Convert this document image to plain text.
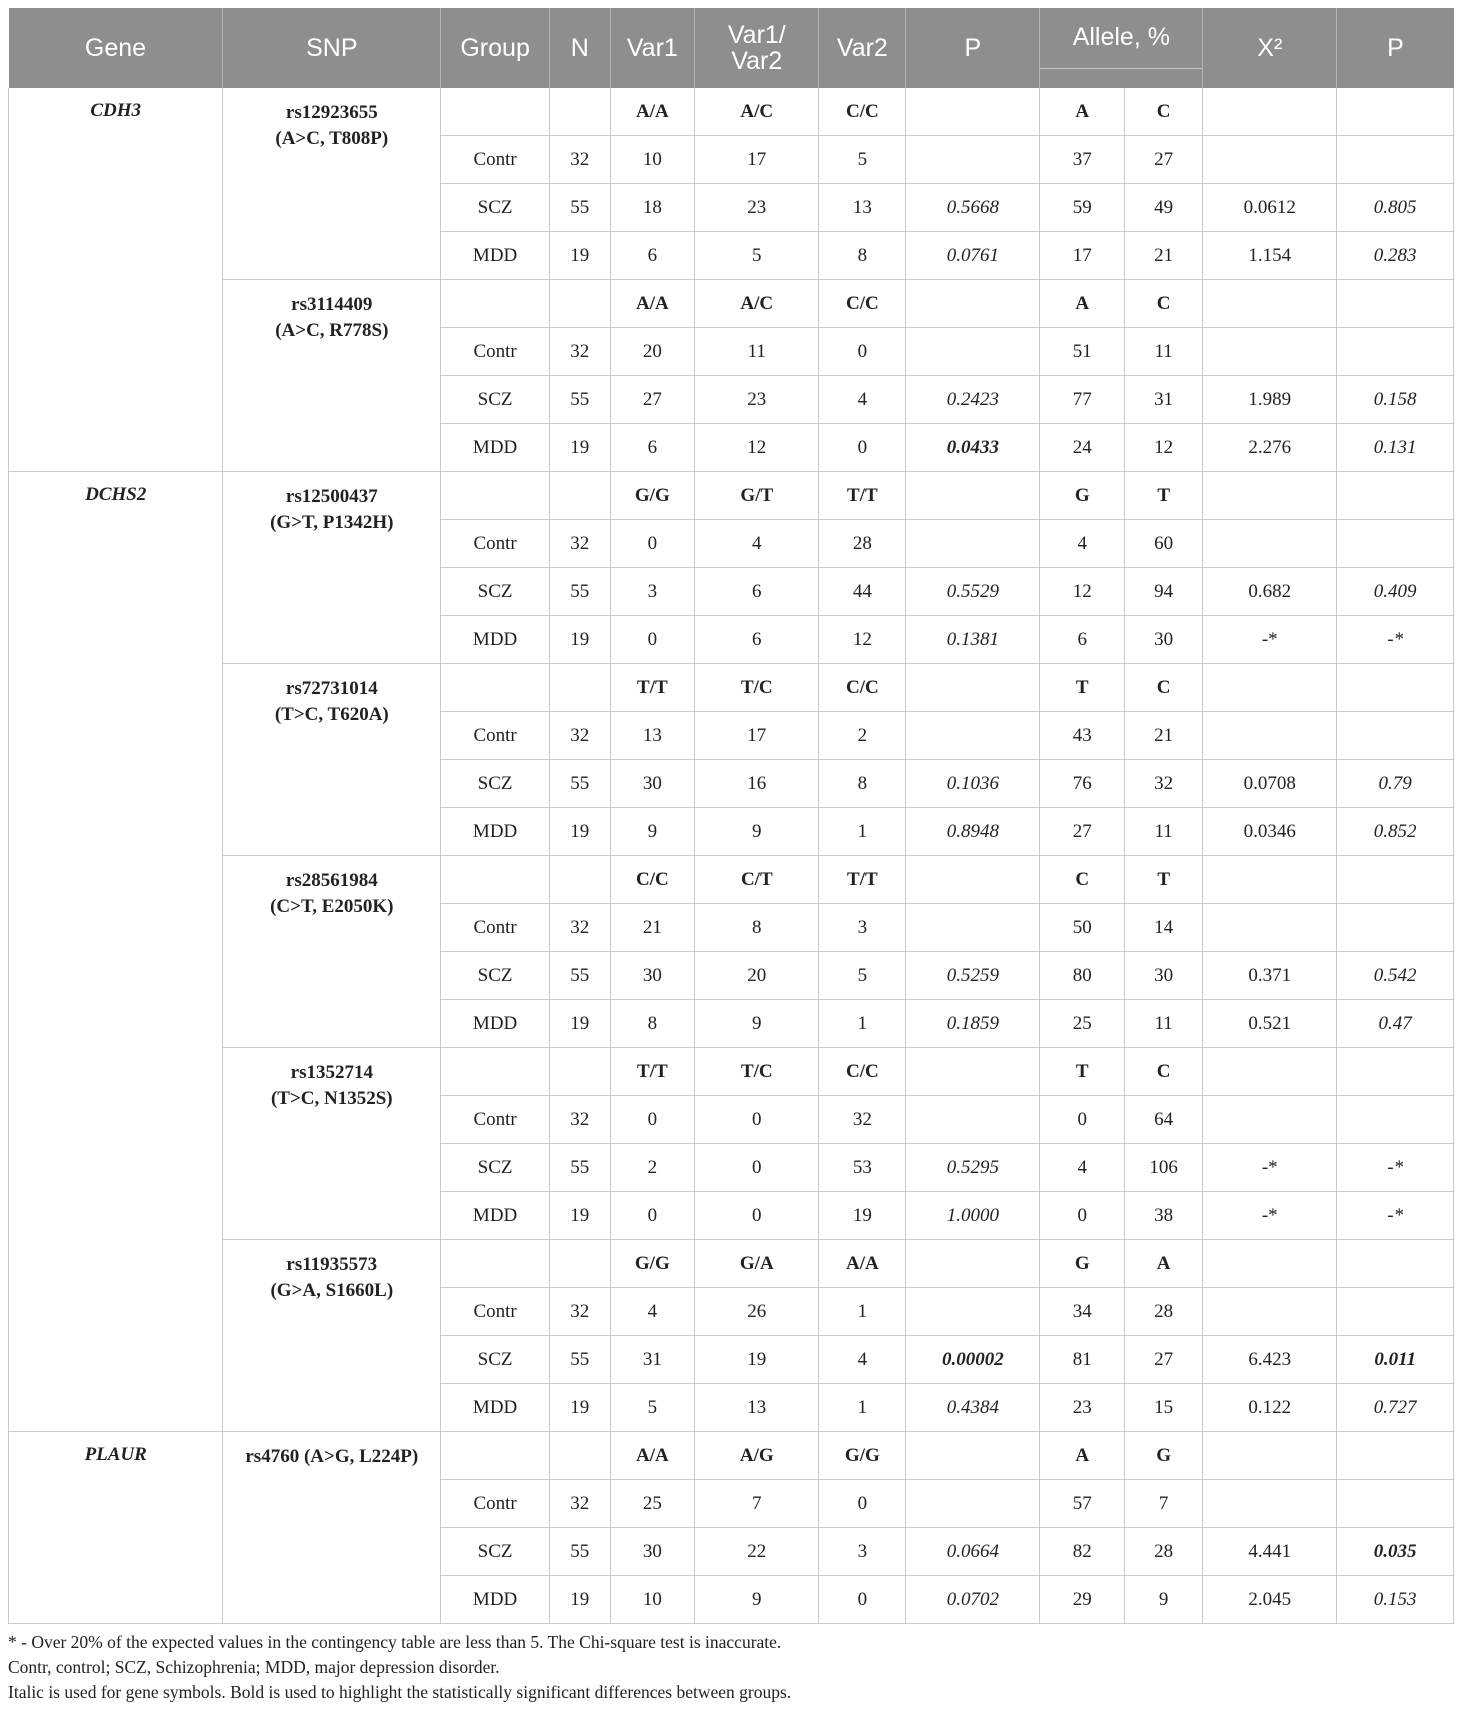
Gene	SNP	Group	N	Var1	Var1/
Var2	Var2	P	Allele, %		X²	P
CDH3	rs12923655
(A>C, T808P)			A/A	A/C	C/C		A	C		
		Contr	32	10	17	5		37	27		
		SCZ	55	18	23	13	0.5668	59	49	0.0612	0.805
		MDD	19	6	5	8	0.0761	17	21	1.154	0.283

	rs3114409
(A>C, R778S)			A/A	A/C	C/C		A	C		
		Contr	32	20	11	0		51	11		
		SCZ	55	27	23	4	0.2423	77	31	1.989	0.158
		MDD	19	6	12	0	0.0433	24	12	2.276	0.131
DCHS2	rs12500437
(G>T, P1342H)			G/G	G/T	T/T		G	T		
		Contr	32	0	4	28		4	60		
		SCZ	55	3	6	44	0.5529	12	94	0.682	0.409
		MDD	19	0	6	12	0.1381	6	30	-*	-*

	rs72731014
(T>C, T620A)			T/T	T/C	C/C		T	C		
		Contr	32	13	17	2		43	21		
		SCZ	55	30	16	8	0.1036	76	32	0.0708	0.79
		MDD	19	9	9	1	0.8948	27	11	0.0346	0.852

	rs28561984
(C>T, E2050K)			C/C	C/T	T/T		C	T		
		Contr	32	21	8	3		50	14		
		SCZ	55	30	20	5	0.5259	80	30	0.371	0.542
		MDD	19	8	9	1	0.1859	25	11	0.521	0.47

	rs1352714
(T>C, N1352S)			T/T	T/C	C/C		T	C		
		Contr	32	0	0	32		0	64		
		SCZ	55	2	0	53	0.5295	4	106	-*	-*
		MDD	19	0	0	19	1.0000	0	38	-*	-*

	rs11935573
(G>A, S1660L)			G/G	G/A	A/A		G	A		
		Contr	32	4	26	1		34	28		
		SCZ	55	31	19	4	0.00002	81	27	6.423	0.011
		MDD	19	5	13	1	0.4384	23	15	0.122	0.727
PLAUR	rs4760 (A>G, L224P)			A/A	A/G	G/G		A	G		
		Contr	32	25	7	0		57	7		
		SCZ	55	30	22	3	0.0664	82	28	4.441	0.035
		MDD	19	10	9	0	0.0702	29	9	2.045	0.153
* - Over 20% of the expected values in the contingency table are less than 5. The Chi-square test is inaccurate.
Contr, control; SCZ, Schizophrenia; MDD, major depression disorder.
Italic is used for gene symbols. Bold is used to highlight the statistically significant differences between groups.
